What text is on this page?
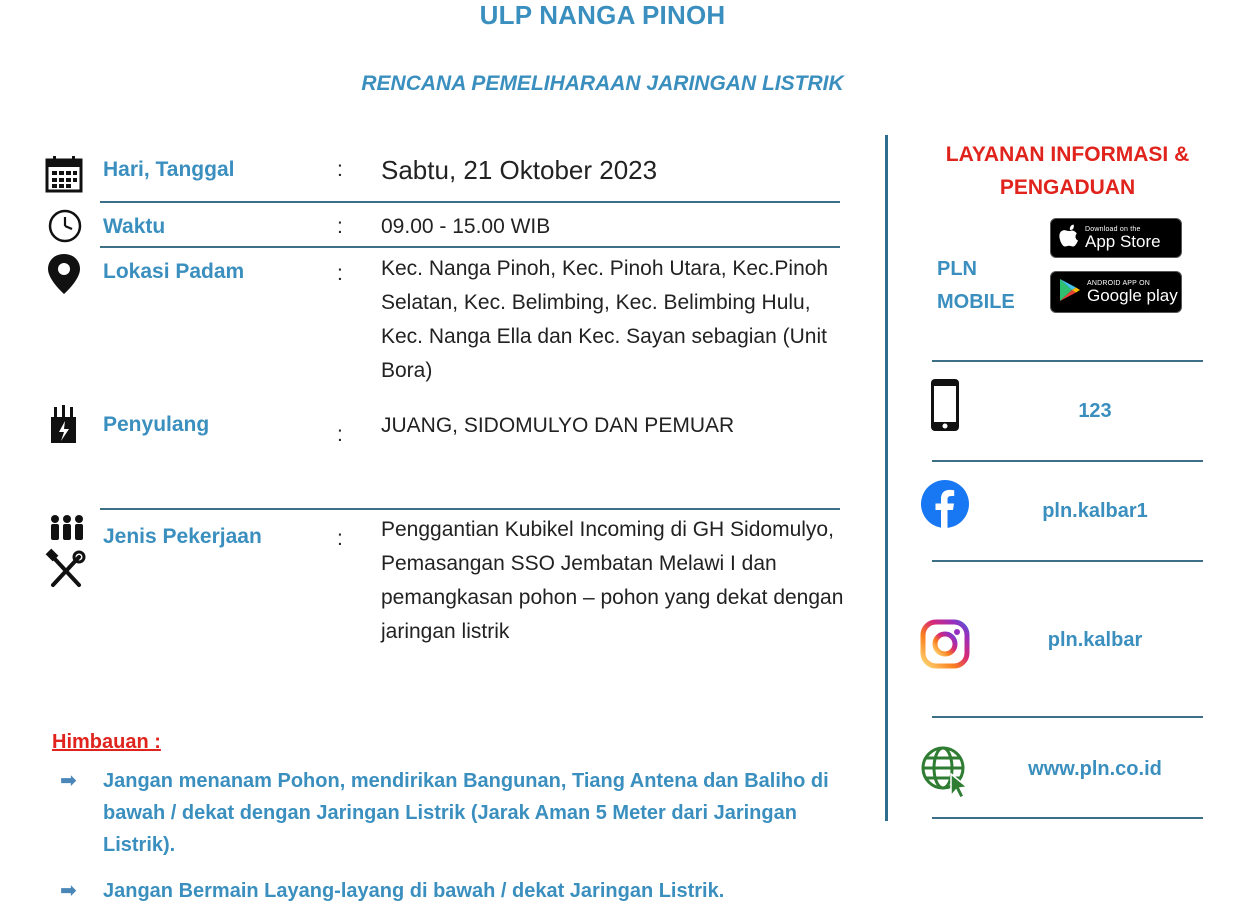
ULP NANGA PINOH
RENCANA PEMELIHARAAN JARINGAN LISTRIK
Hari, Tanggal	: Sabtu, 21 Oktober 2023
Waktu	: 09.00 - 15.00 WIB
Lokasi Padam	: Kec. Nanga Pinoh, Kec. Pinoh Utara, Kec.Pinoh Selatan, Kec. Belimbing, Kec. Belimbing Hulu, Kec. Nanga Ella dan Kec. Sayan sebagian (Unit Bora)
Penyulang	: JUANG, SIDOMULYO DAN PEMUAR
Jenis Pekerjaan	: Penggantian Kubikel Incoming di GH Sidomulyo, Pemasangan SSO Jembatan Melawi I dan pemangkasan pohon – pohon yang dekat dengan jaringan listrik
LAYANAN INFORMASI & PENGADUAN
PLN MOBILE
Download on the
App Store
ANDROID APP ON
Google play
123
pln.kalbar1
pln.kalbar
www.pln.co.id
Himbauan :
➡ Jangan menanam Pohon, mendirikan Bangunan, Tiang Antena dan Baliho di bawah / dekat dengan Jaringan Listrik (Jarak Aman 5 Meter dari Jaringan Listrik).
➡ Jangan Bermain Layang-layang di bawah / dekat Jaringan Listrik.
